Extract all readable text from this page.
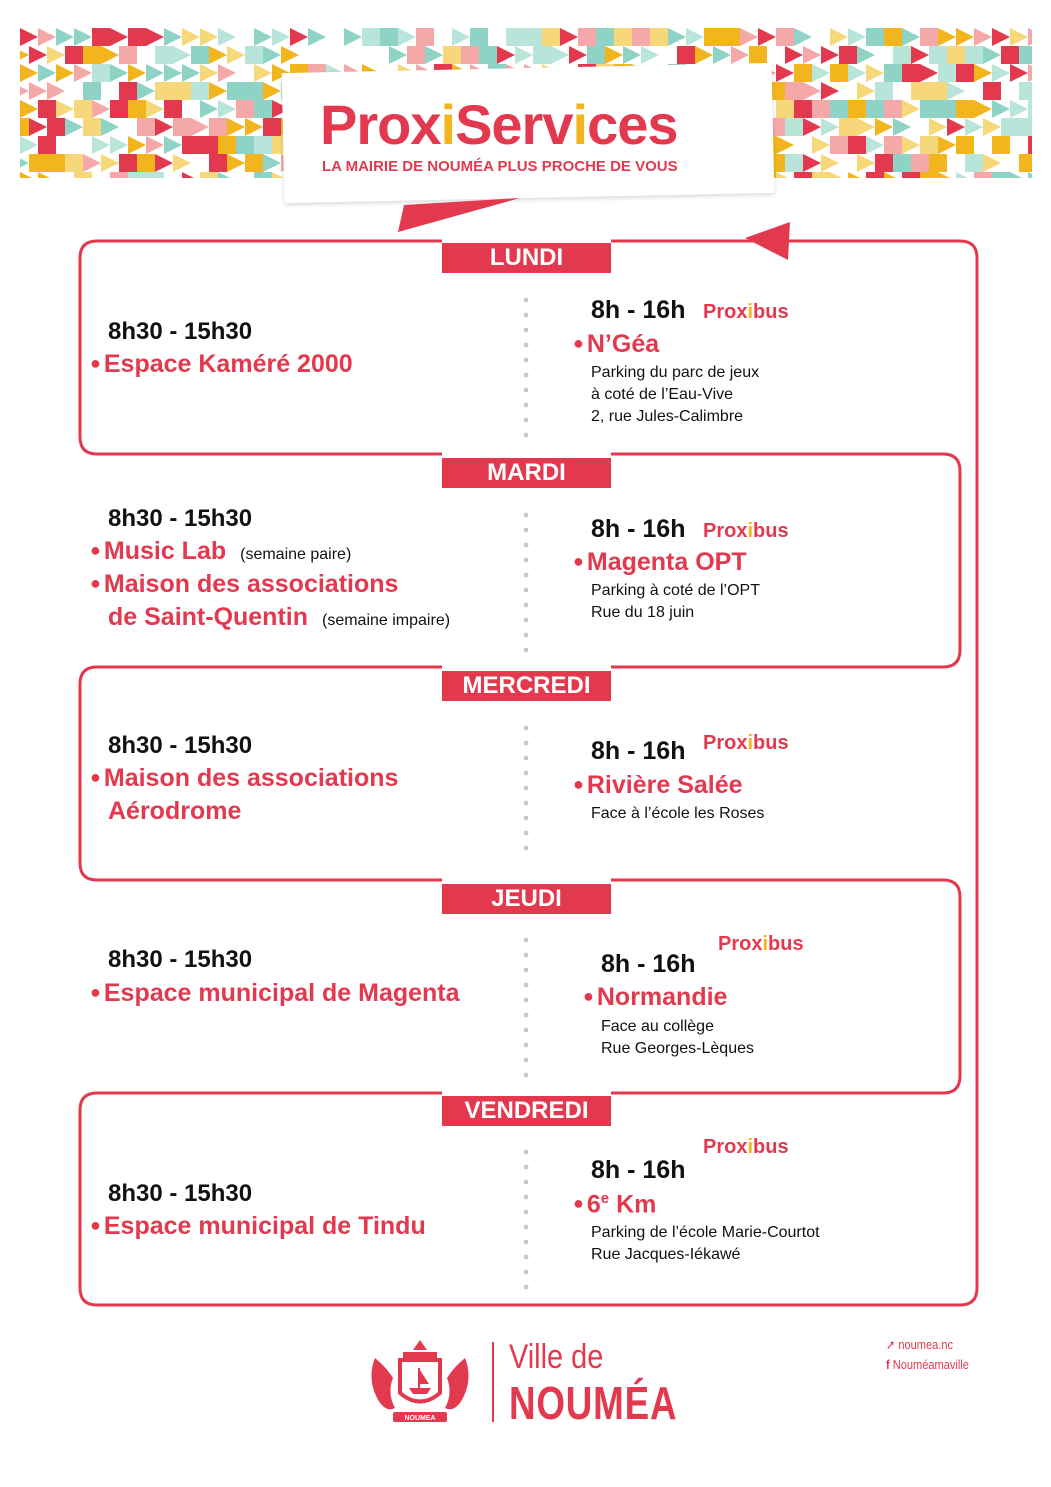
ProxiServices
LA MAIRIE DE NOUMÉA PLUS PROCHE DE VOUS
LUNDI
MARDI
MERCREDI
JEUDI
VENDREDI
8h30 - 15h30
● Espace Kaméré 2000
8h - 16h Proxibus
● N’Géa
Parking du parc de jeux
à coté de l’Eau-Vive
2, rue Jules-Calimbre
8h30 - 15h30
● Music Lab (semaine paire)
● Maison des associations
de Saint-Quentin (semaine impaire)
8h - 16h Proxibus
● Magenta OPT
Parking à coté de l’OPT
Rue du 18 juin
8h30 - 15h30
● Maison des associations
Aérodrome
8h - 16h Proxibus
● Rivière Salée
Face à l’école les Roses
8h30 - 15h30
● Espace municipal de Magenta
8h - 16h
Proxibus
● Normandie
Face au collège
Rue Georges-Lèques
8h30 - 15h30
● Espace municipal de Tindu
8h - 16h
Proxibus
● 6e Km
Parking de l’école Marie-Courtot
Rue Jacques-Iékawé
NOUMEA
Ville de
NOUMÉA
➚ noumea.nc
f Nouméamaville
